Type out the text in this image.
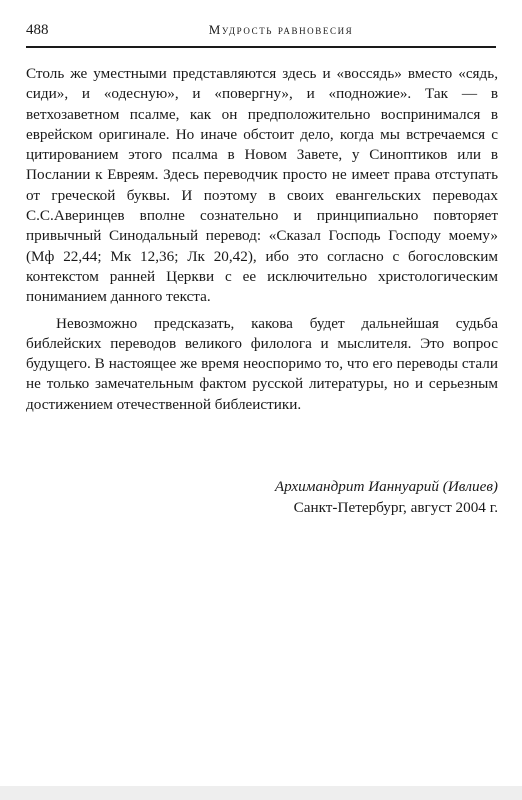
488	Мудрость равновесия

Столь же уместными представляются здесь и «воссядь» вместо «сядь, сиди», и «одесную», и «повергну», и «подножие». Так — в ветхозаветном псалме, как он предположительно воспринимался в еврейском оригинале. Но иначе обстоит дело, когда мы встречаемся с цитированием этого псалма в Новом Завете, у Синоптиков или в Послании к Евреям. Здесь переводчик просто не имеет права отступать от греческой буквы. И поэтому в своих евангельских переводах С.С.Аверинцев вполне сознательно и принципиально повторяет привычный Синодальный перевод: «Сказал Господь Господу моему» (Мф 22,44; Мк 12,36; Лк 20,42), ибо это согласно с богословским контекстом ранней Церкви с ее исключительно христологическим пониманием данного текста.

Невозможно предсказать, какова будет дальнейшая судьба библейских переводов великого филолога и мыслителя. Это вопрос будущего. В настоящее же время неоспоримо то, что его переводы стали не только замечательным фактом русской литературы, но и серьезным достижением отечественной библеистики.

Архимандрит Ианнуарий (Ивлиев)
Санкт-Петербург, август 2004 г.
